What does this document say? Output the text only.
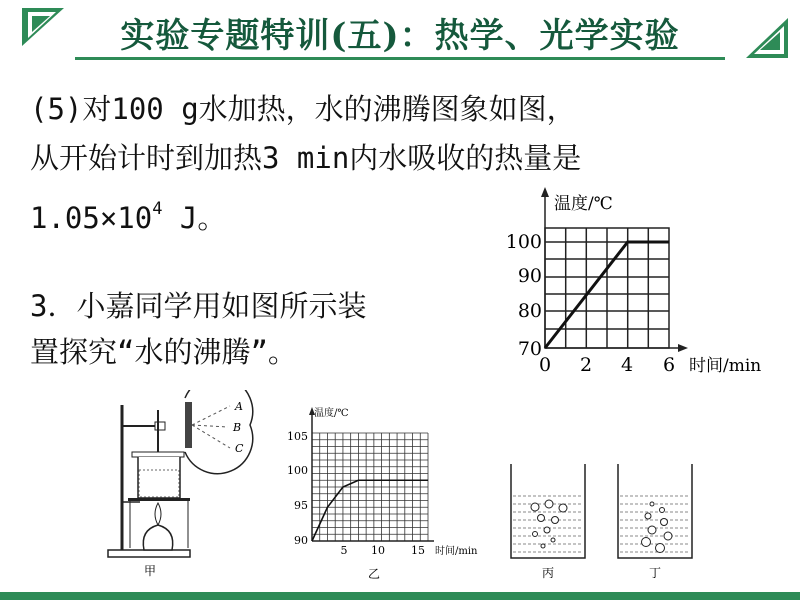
实验专题特训(五)：热学、光学实验
(5)对100 g水加热，水的沸腾图象如图，
从开始计时到加热3 min内水吸收的热量是
$1.05\times 10^4$ J。
3．小嘉同学用如图所示装
置探究“水的沸腾”。
温度/℃
时间/min
0 2 4 6
70
80
90
100
A
B
C
甲
温度/℃
时间/min
5 10 15
90
95
100
105
乙	丙	丁
